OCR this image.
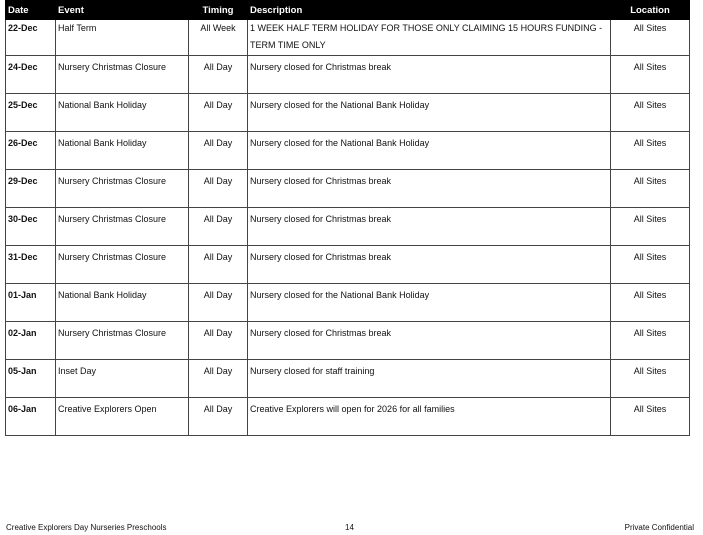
Date	Event	Timing	Description	Location
22-Dec	Half Term	All Week	1 WEEK HALF TERM HOLIDAY FOR THOSE ONLY CLAIMING 15 HOURS FUNDING - TERM TIME ONLY	All Sites
24-Dec	Nursery Christmas Closure	All Day	Nursery closed for Christmas break	All Sites
25-Dec	National Bank Holiday	All Day	Nursery closed for the National Bank Holiday	All Sites
26-Dec	National Bank Holiday	All Day	Nursery closed for the National Bank Holiday	All Sites
29-Dec	Nursery Christmas Closure	All Day	Nursery closed for Christmas break	All Sites
30-Dec	Nursery Christmas Closure	All Day	Nursery closed for Christmas break	All Sites
31-Dec	Nursery Christmas Closure	All Day	Nursery closed for Christmas break	All Sites
01-Jan	National Bank Holiday	All Day	Nursery closed for the National Bank Holiday	All Sites
02-Jan	Nursery Christmas Closure	All Day	Nursery closed for Christmas break	All Sites
05-Jan	Inset Day	All Day	Nursery closed for staff training	All Sites
06-Jan	Creative Explorers Open	All Day	Creative Explorers will open for 2026 for all families	All Sites
Creative Explorers Day Nurseries Preschools	14	Private Confidential
